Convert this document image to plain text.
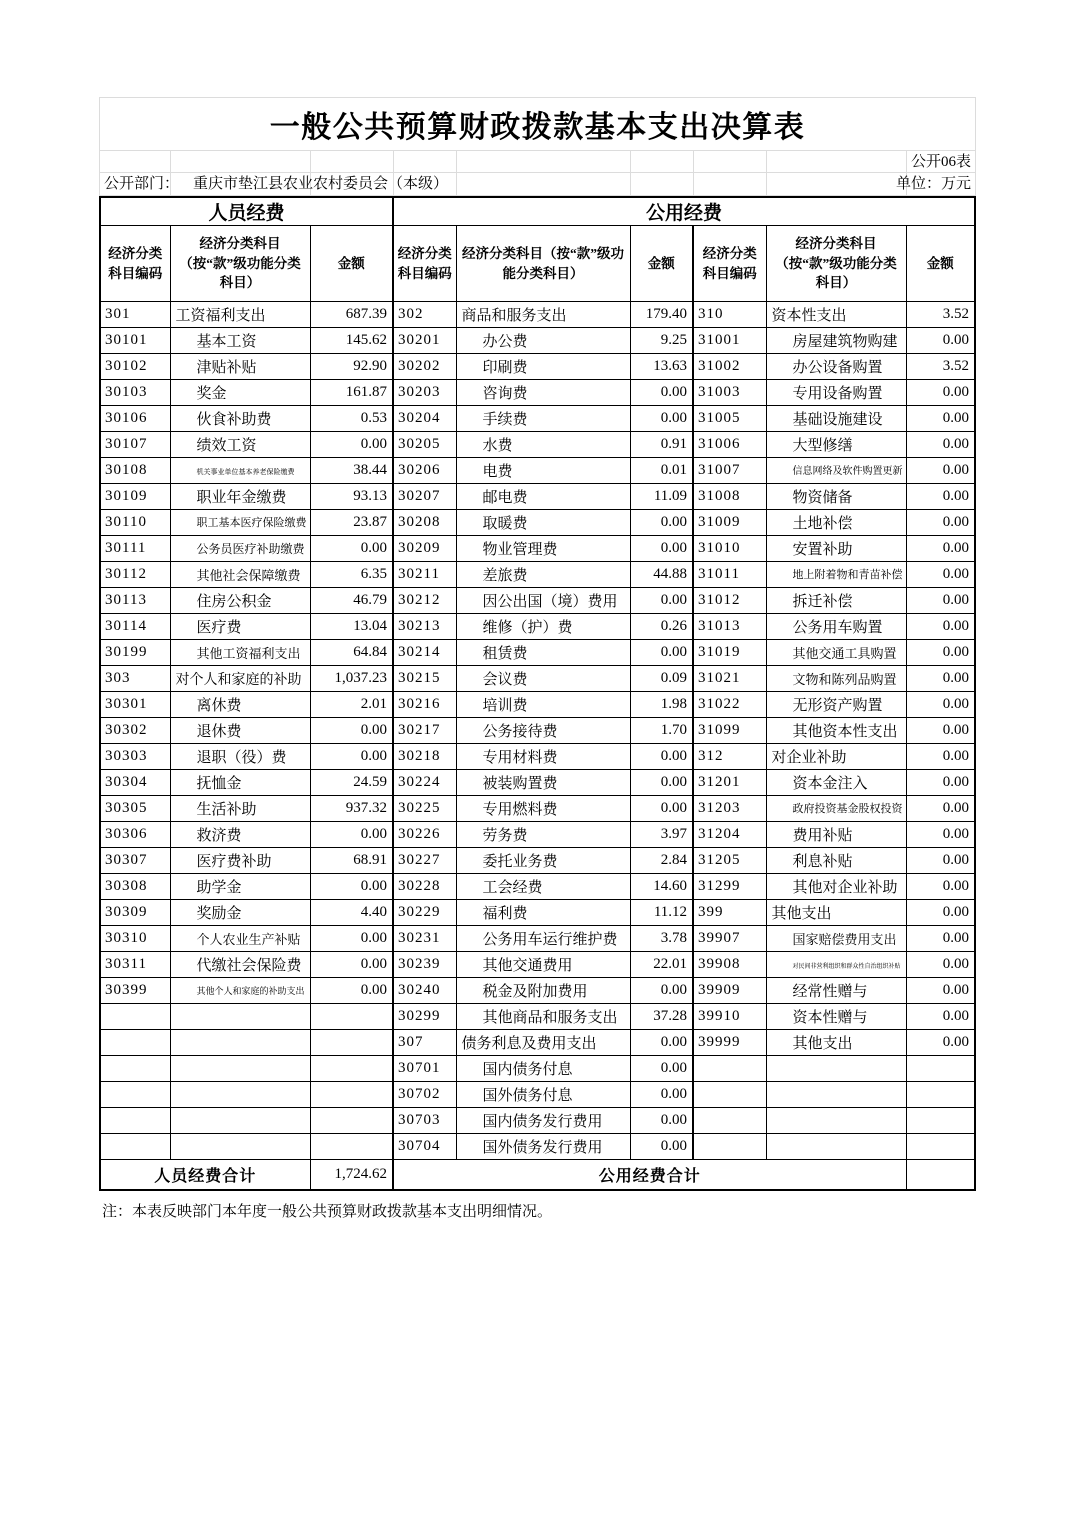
一般公共预算财政拨款基本支出决算表
公开06表
公开部门： 重庆市垫江县农业农村委员会（本级）	单位：万元
人员经费			公用经费					
经济分类科目编码	经济分类科目（按“款”级功能分类科目）	金额	经济分类科目编码	经济分类科目（按“款”级功能分类科目）	金额	经济分类科目编码	经济分类科目（按“款”级功能分类科目）	金额
301	工资福利支出	687.39	302	商品和服务支出	179.40	310	资本性支出	3.52
30101	基本工资	145.62	30201	办公费	9.25	31001	房屋建筑物购建	0.00
30102	津贴补贴	92.90	30202	印刷费	13.63	31002	办公设备购置	3.52
30103	奖金	161.87	30203	咨询费	0.00	31003	专用设备购置	0.00
30106	伙食补助费	0.53	30204	手续费	0.00	31005	基础设施建设	0.00
30107	绩效工资	0.00	30205	水费	0.91	31006	大型修缮	0.00
30108	机关事业单位基本养老保险缴费	38.44	30206	电费	0.01	31007	信息网络及软件购置更新	0.00
30109	职业年金缴费	93.13	30207	邮电费	11.09	31008	物资储备	0.00
30110	职工基本医疗保险缴费	23.87	30208	取暖费	0.00	31009	土地补偿	0.00
30111	公务员医疗补助缴费	0.00	30209	物业管理费	0.00	31010	安置补助	0.00
30112	其他社会保障缴费	6.35	30211	差旅费	44.88	31011	地上附着物和青苗补偿	0.00
30113	住房公积金	46.79	30212	因公出国（境）费用	0.00	31012	拆迁补偿	0.00
30114	医疗费	13.04	30213	维修（护）费	0.26	31013	公务用车购置	0.00
30199	其他工资福利支出	64.84	30214	租赁费	0.00	31019	其他交通工具购置	0.00
303	对个人和家庭的补助	1,037.23	30215	会议费	0.09	31021	文物和陈列品购置	0.00
30301	离休费	2.01	30216	培训费	1.98	31022	无形资产购置	0.00
30302	退休费	0.00	30217	公务接待费	1.70	31099	其他资本性支出	0.00
30303	退职（役）费	0.00	30218	专用材料费	0.00	312	对企业补助	0.00
30304	抚恤金	24.59	30224	被装购置费	0.00	31201	资本金注入	0.00
30305	生活补助	937.32	30225	专用燃料费	0.00	31203	政府投资基金股权投资	0.00
30306	救济费	0.00	30226	劳务费	3.97	31204	费用补贴	0.00
30307	医疗费补助	68.91	30227	委托业务费	2.84	31205	利息补贴	0.00
30308	助学金	0.00	30228	工会经费	14.60	31299	其他对企业补助	0.00
30309	奖励金	4.40	30229	福利费	11.12	399	其他支出	0.00
30310	个人农业生产补贴	0.00	30231	公务用车运行维护费	3.78	39907	国家赔偿费用支出	0.00
30311	代缴社会保险费	0.00	30239	其他交通费用	22.01	39908	对民间非营利组织和群众性自治组织补贴	0.00
30399	其他个人和家庭的补助支出	0.00	30240	税金及附加费用	0.00	39909	经常性赠与	0.00
			30299	其他商品和服务支出	37.28	39910	资本性赠与	0.00
			307	债务利息及费用支出	0.00	39999	其他支出	0.00
			30701	国内债务付息	0.00			
			30702	国外债务付息	0.00			
			30703	国内债务发行费用	0.00			
			30704	国外债务发行费用	0.00			
人员经费合计		1,724.62	公用经费合计					
注：本表反映部门本年度一般公共预算财政拨款基本支出明细情况。
